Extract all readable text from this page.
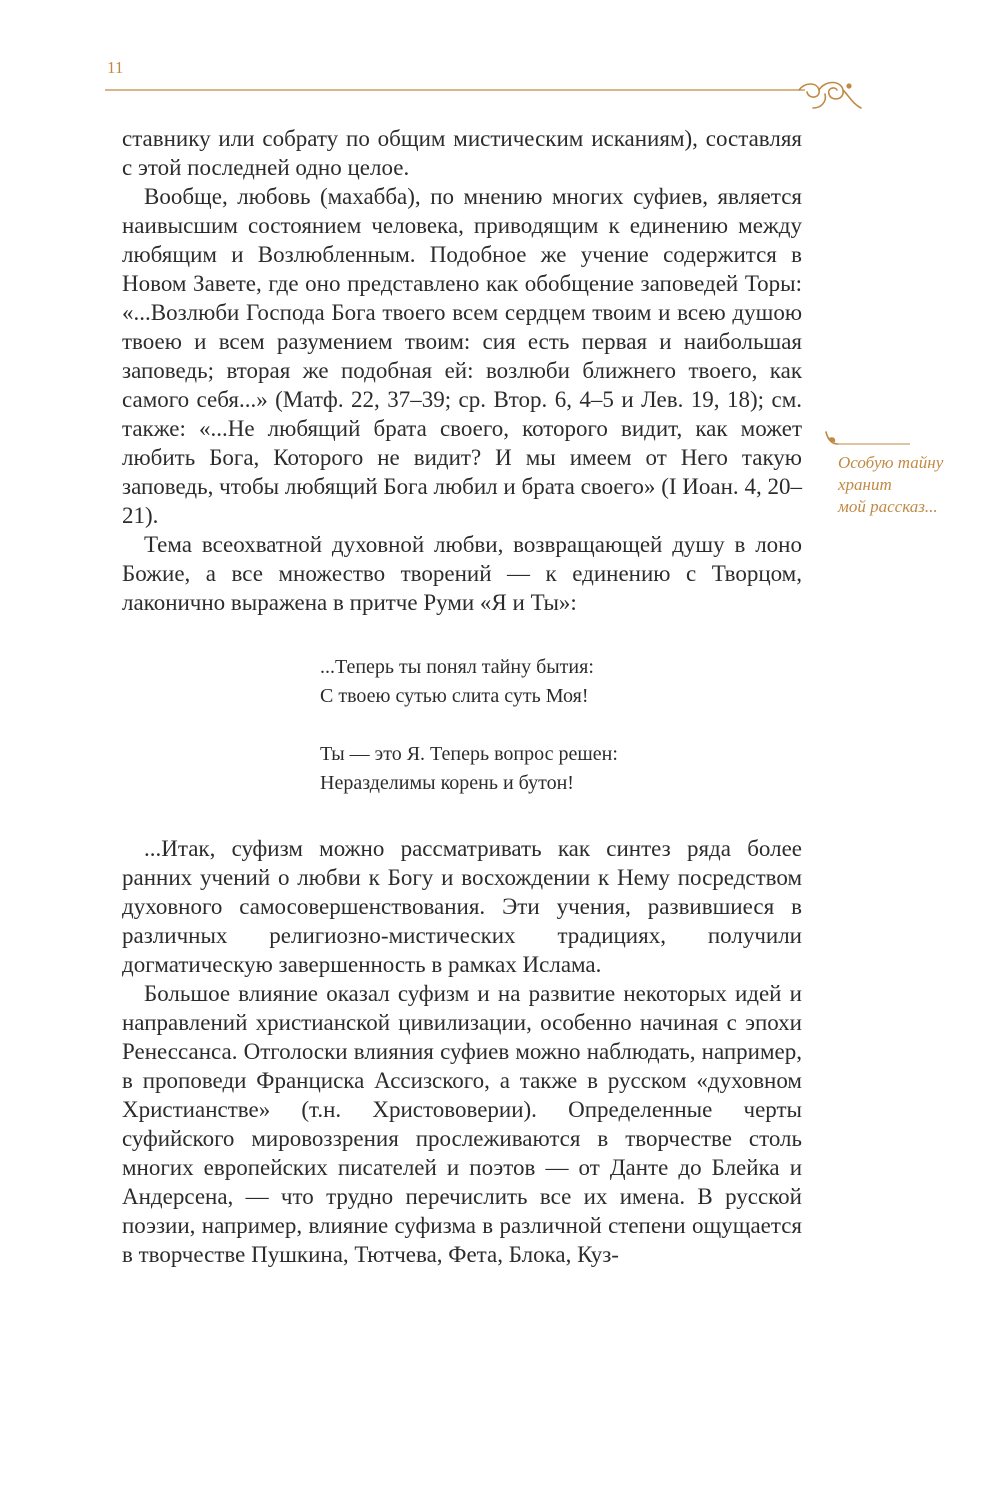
11
Особую тайну
хранит
мой рассказ...

ставнику или собрату по общим мистическим исканиям), составляя с этой последней одно целое.

Вообще, любовь (махабба), по мнению многих суфиев, является наивысшим состоянием человека, приводящим к единению между любящим и Возлюбленным. Подобное же учение содержится в Новом Завете, где оно представлено как обобщение заповедей Торы: «...Возлюби Господа Бога твоего всем сердцем твоим и всею душою твоею и всем разумением твоим: сия есть первая и наибольшая заповедь; вторая же подобная ей: возлюби ближнего твоего, как самого себя...» (Матф. 22, 37–39; ср. Втор. 6, 4–5 и Лев. 19, 18); см. также: «...Не любящий брата своего, которого видит, как может любить Бога, Которого не видит? И мы имеем от Него такую заповедь, чтобы любящий Бога любил и брата своего» (I Иоан. 4, 20–21).

Тема всеохватной духовной любви, возвращающей душу в лоно Божие, а все множество творений — к единению с Творцом, лаконично выражена в притче Руми «Я и Ты»:

...Теперь ты понял тайну бытия:
С твоею сутью слита суть Моя!
Ты — это Я. Теперь вопрос решен:
Неразделимы корень и бутон!

...Итак, суфизм можно рассматривать как синтез ряда более ранних учений о любви к Богу и восхождении к Нему посредством духовного самосовершенствования. Эти учения, развившиеся в различных религиозно-мистических традициях, получили догматическую завершенность в рамках Ислама.

Большое влияние оказал суфизм и на развитие некоторых идей и направлений христианской цивилизации, особенно начиная с эпохи Ренессанса. Отголоски влияния суфиев можно наблюдать, например, в проповеди Франциска Ассизского, а также в русском «духовном Христианстве» (т.н. Христововерии). Определенные черты суфийского мировоззрения прослеживаются в творчестве столь многих европейских писателей и поэтов — от Данте до Блейка и Андерсена, — что трудно перечислить все их имена. В русской поэзии, например, влияние суфизма в различной степени ощущается в творчестве Пушкина, Тютчева, Фета, Блока, Куз-
